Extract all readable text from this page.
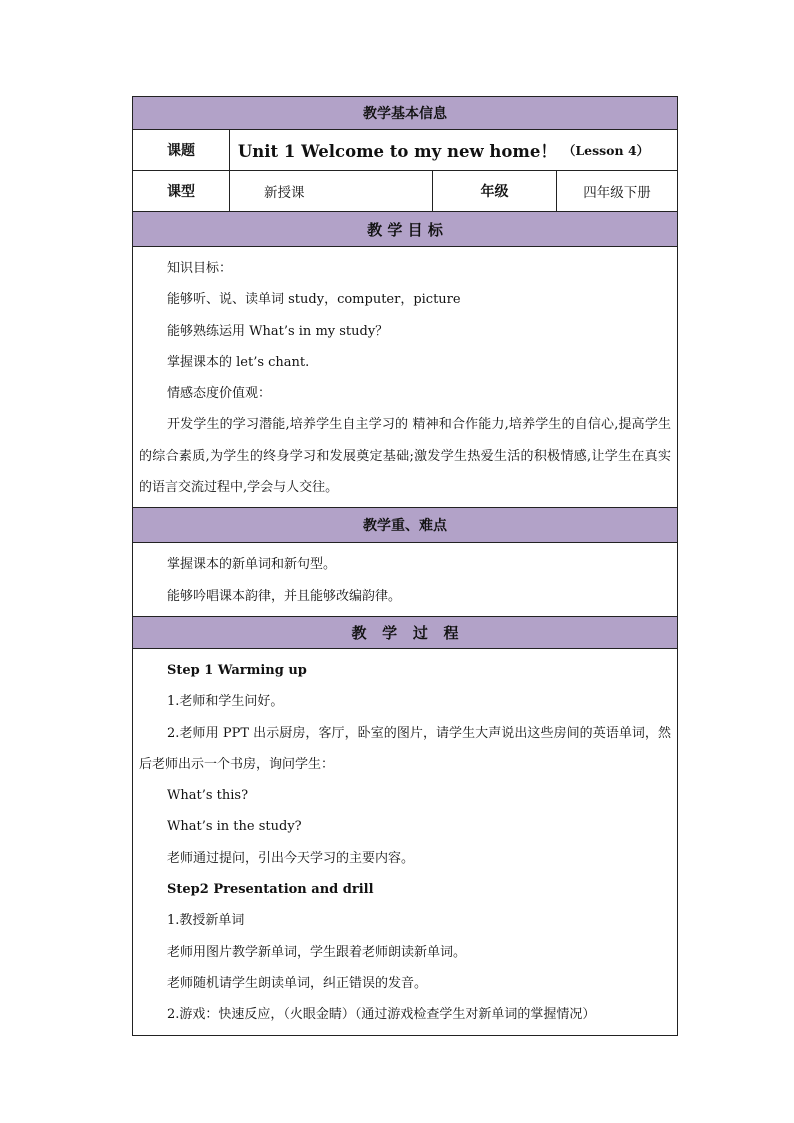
教学基本信息
课题	Unit 1 Welcome to my new home！ （Lesson 4）
课型	新授课	年级	四年级下册
教 学 目 标
知识目标：
能够听、说、读单词 study，computer，picture
能够熟练运用 What’s in my study？
掌握课本的 let’s chant.
情感态度价值观：
开发学生的学习潜能,培养学生自主学习的 精神和合作能力,培养学生的自信心,提高学生的综合素质,为学生的终身学习和发展奠定基础;激发学生热爱生活的积极情感,让学生在真实的语言交流过程中,学会与人交往。
教学重、难点
掌握课本的新单词和新句型。
能够吟唱课本韵律，并且能够改编韵律。
教   学   过   程
Step 1 Warming up
1.老师和学生问好。
2.老师用 PPT 出示厨房，客厅，卧室的图片，请学生大声说出这些房间的英语单词，然后老师出示一个书房，询问学生：
What’s this?
What’s in the study?
老师通过提问，引出今天学习的主要内容。
Step2 Presentation and drill
1.教授新单词
老师用图片教学新单词，学生跟着老师朗读新单词。
老师随机请学生朗读单词，纠正错误的发音。
2.游戏：快速反应，（火眼金睛）（通过游戏检查学生对新单词的掌握情况）
